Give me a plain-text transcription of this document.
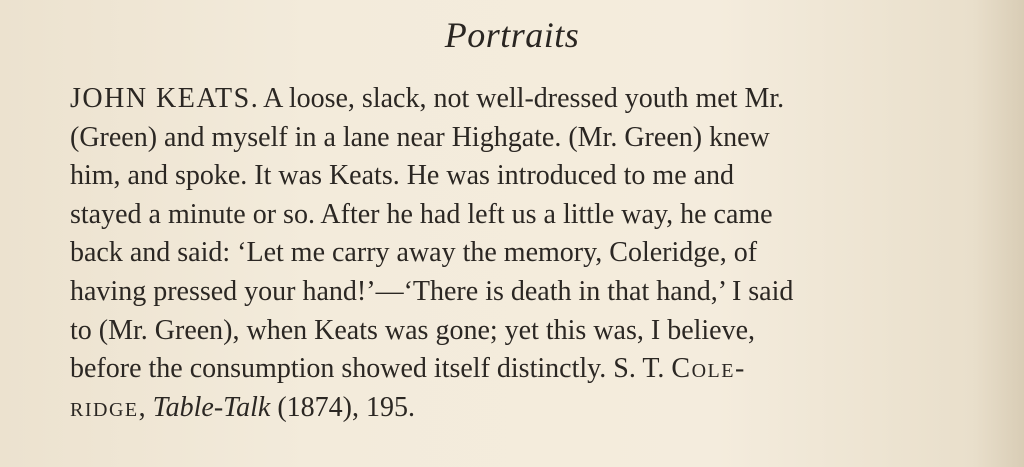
Portraits
JOHN KEATS. A loose, slack, not well-dressed youth met Mr.
(Green) and myself in a lane near Highgate. (Mr. Green) knew
him, and spoke. It was Keats. He was introduced to me and
stayed a minute or so. After he had left us a little way, he came
back and said: ‘Let me carry away the memory, Coleridge, of
having pressed your hand!’—‘There is death in that hand,’ I said
to (Mr. Green), when Keats was gone; yet this was, I believe,
before the consumption showed itself distinctly. S. T. Cole-
ridge, Table-Talk (1874), 195.
